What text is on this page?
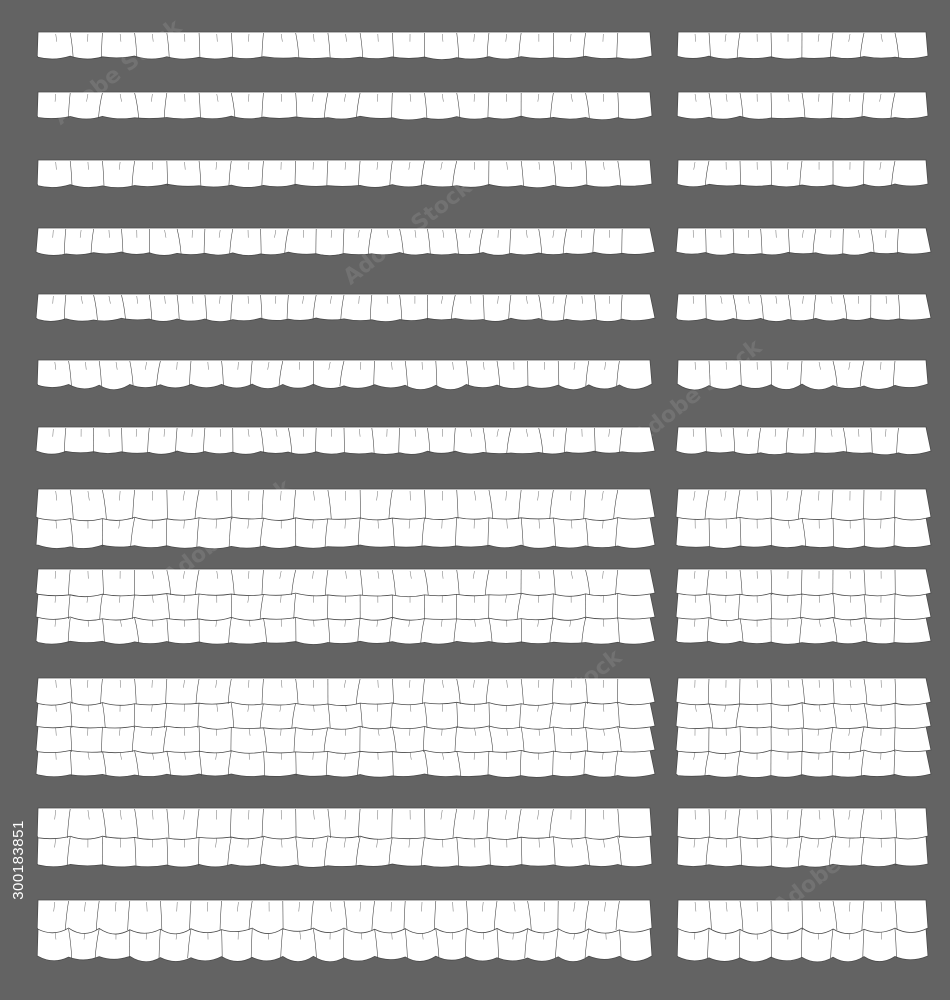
Adobe Stock
Adobe Stock
300183851
